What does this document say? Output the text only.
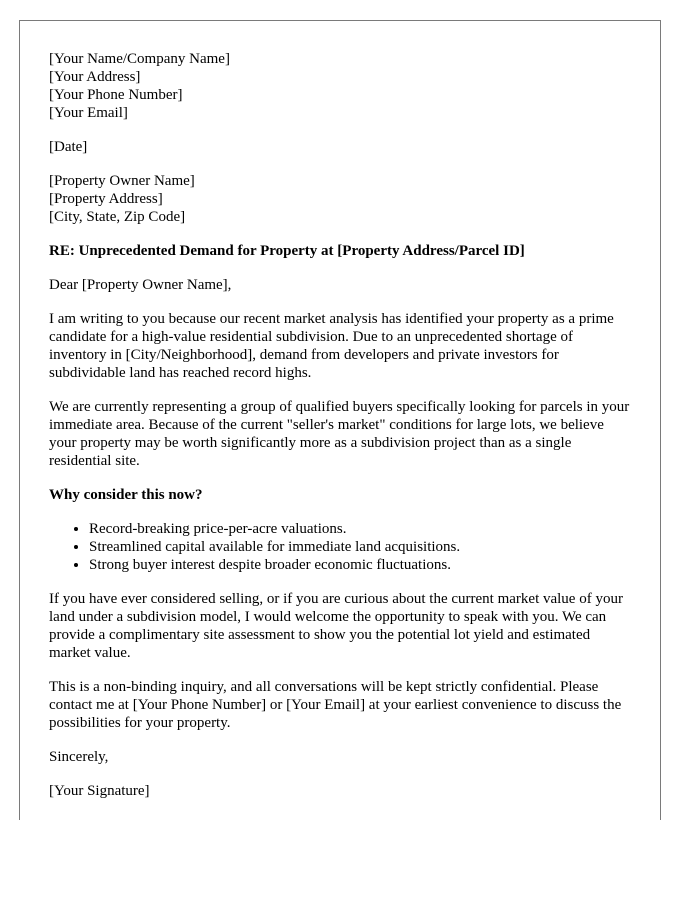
[Your Name/Company Name]
[Your Address]
[Your Phone Number]
[Your Email]
[Date]
[Property Owner Name]
[Property Address]
[City, State, Zip Code]
RE: Unprecedented Demand for Property at [Property Address/Parcel ID]

Dear [Property Owner Name],

I am writing to you because our recent market analysis has identified your property as a prime candidate for a high-value residential subdivision. Due to an unprecedented shortage of inventory in [City/Neighborhood], demand from developers and private investors for subdividable land has reached record highs.

We are currently representing a group of qualified buyers specifically looking for parcels in your immediate area. Because of the current "seller's market" conditions for large lots, we believe your property may be worth significantly more as a subdivision project than as a single residential site.

Why consider this now?
• Record-breaking price-per-acre valuations.
• Streamlined capital available for immediate land acquisitions.
• Strong buyer interest despite broader economic fluctuations.

If you have ever considered selling, or if you are curious about the current market value of your land under a subdivision model, I would welcome the opportunity to speak with you. We can provide a complimentary site assessment to show you the potential lot yield and estimated market value.

This is a non-binding inquiry, and all conversations will be kept strictly confidential. Please contact me at [Your Phone Number] or [Your Email] at your earliest convenience to discuss the possibilities for your property.

Sincerely,

[Your Signature]
